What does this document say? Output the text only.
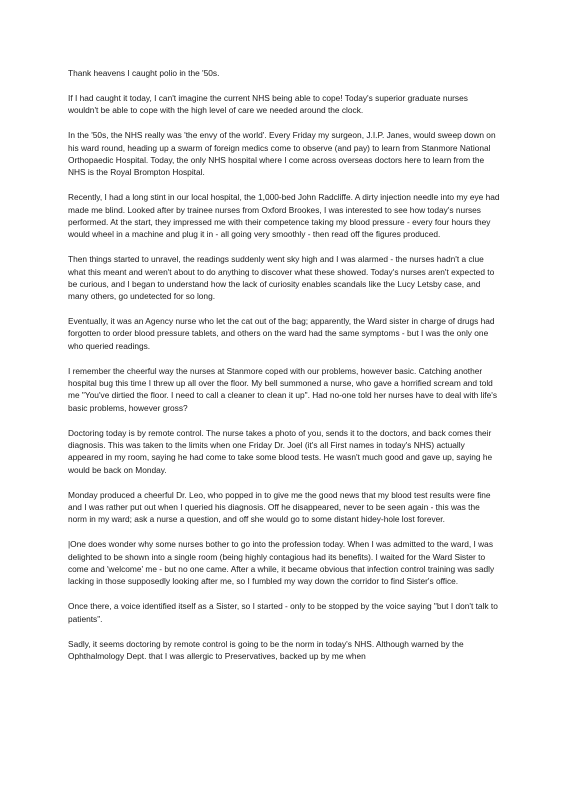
Thank heavens I caught polio in the '50s.

If I had caught it today, I can't imagine the current NHS being able to cope! Today's superior graduate nurses wouldn't be able to cope with the high level of care we needed around the clock.

In the '50s, the NHS really was 'the envy of the world'. Every Friday my surgeon, J.I.P. Janes, would sweep down on his ward round, heading up a swarm of foreign medics come to observe (and pay) to learn from Stanmore National Orthopaedic Hospital. Today, the only NHS hospital where I come across overseas doctors here to learn from the NHS is the Royal Brompton Hospital.

Recently, I had a long stint in our local hospital, the 1,000-bed John Radcliffe. A dirty injection needle into my eye had made me blind. Looked after by trainee nurses from Oxford Brookes, I was interested to see how today's nurses performed. At the start, they impressed me with their competence taking my blood pressure - every four hours they would wheel in a machine and plug it in - all going very smoothly - then read off the figures produced.

Then things started to unravel, the readings suddenly went sky high and I was alarmed - the nurses hadn't a clue what this meant and weren't about to do anything to discover what these showed. Today's nurses aren't expected to be curious, and I began to understand how the lack of curiosity enables scandals like the Lucy Letsby case, and many others, go undetected for so long.

Eventually, it was an Agency nurse who let the cat out of the bag; apparently, the Ward sister in charge of drugs had forgotten to order blood pressure tablets, and others on the ward had the same symptoms - but I was the only one who queried readings.

I remember the cheerful way the nurses at Stanmore coped with our problems, however basic. Catching another hospital bug this time I threw up all over the floor. My bell summoned a nurse, who gave a horrified scream and told me "You've dirtied the floor. I need to call a cleaner to clean it up". Had no-one told her nurses have to deal with life's basic problems, however gross?

Doctoring today is by remote control. The nurse takes a photo of you, sends it to the doctors, and back comes their diagnosis. This was taken to the limits when one Friday Dr. Joel (it's all First names in today's NHS) actually appeared in my room, saying he had come to take some blood tests. He wasn't much good and gave up, saying he would be back on Monday.

Monday produced a cheerful Dr. Leo, who popped in to give me the good news that my blood test results were fine and I was rather put out when I queried his diagnosis. Off he disappeared, never to be seen again - this was the norm in my ward; ask a nurse a question, and off she would go to some distant hidey-hole lost forever.

|One does wonder why some nurses bother to go into the profession today. When I was admitted to the ward, I was delighted to be shown into a single room (being highly contagious had its benefits). I waited for the Ward Sister to come and 'welcome' me - but no one came. After a while, it became obvious that infection control training was sadly lacking in those supposedly looking after me, so I fumbled my way down the corridor to find Sister's office.

Once there, a voice identified itself as a Sister, so I started - only to be stopped by the voice saying "but I don't talk to patients".

Sadly, it seems doctoring by remote control is going to be the norm in today's NHS. Although warned by the Ophthalmology Dept. that I was allergic to Preservatives, backed up by me when
